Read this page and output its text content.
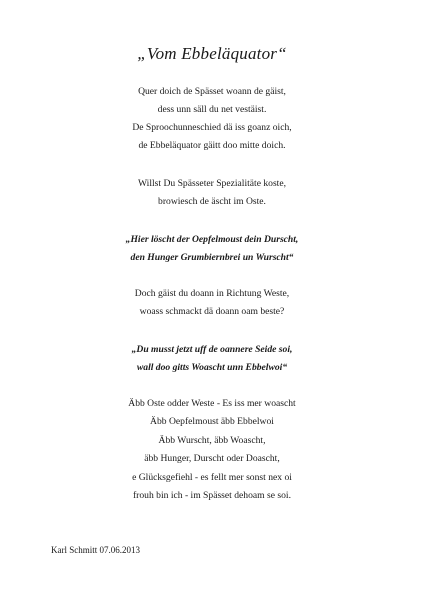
„Vom Ebbeläquator“
Quer doich de Spässet woann de gäist,
dess unn säll du net vestäist.
De Sproochunneschied dä iss goanz oich,
de Ebbeläquator gäitt doo mitte doich.
Willst Du Spässeter Spezialitäte koste,
browiesch de äscht im Oste.
„Hier löscht der Oepfelmoust dein Durscht,
den Hunger Grumbiernbrei un Wurscht“
Doch gäist du doann in Richtung Weste,
woass schmackt dä doann oam beste?
„Du musst jetzt uff de oannere Seide soi,
wall doo gitts Woascht unn Ebbelwoi“
Äbb Oste odder Weste - Es iss mer woascht
Äbb Oepfelmoust äbb Ebbelwoi
Äbb Wurscht, äbb Woascht,
äbb Hunger, Durscht oder Doascht,
e Glücksgefiehl - es fellt mer sonst nex oi
frouh bin ich - im Spässet dehoam se soi.
Karl Schmitt 07.06.2013
